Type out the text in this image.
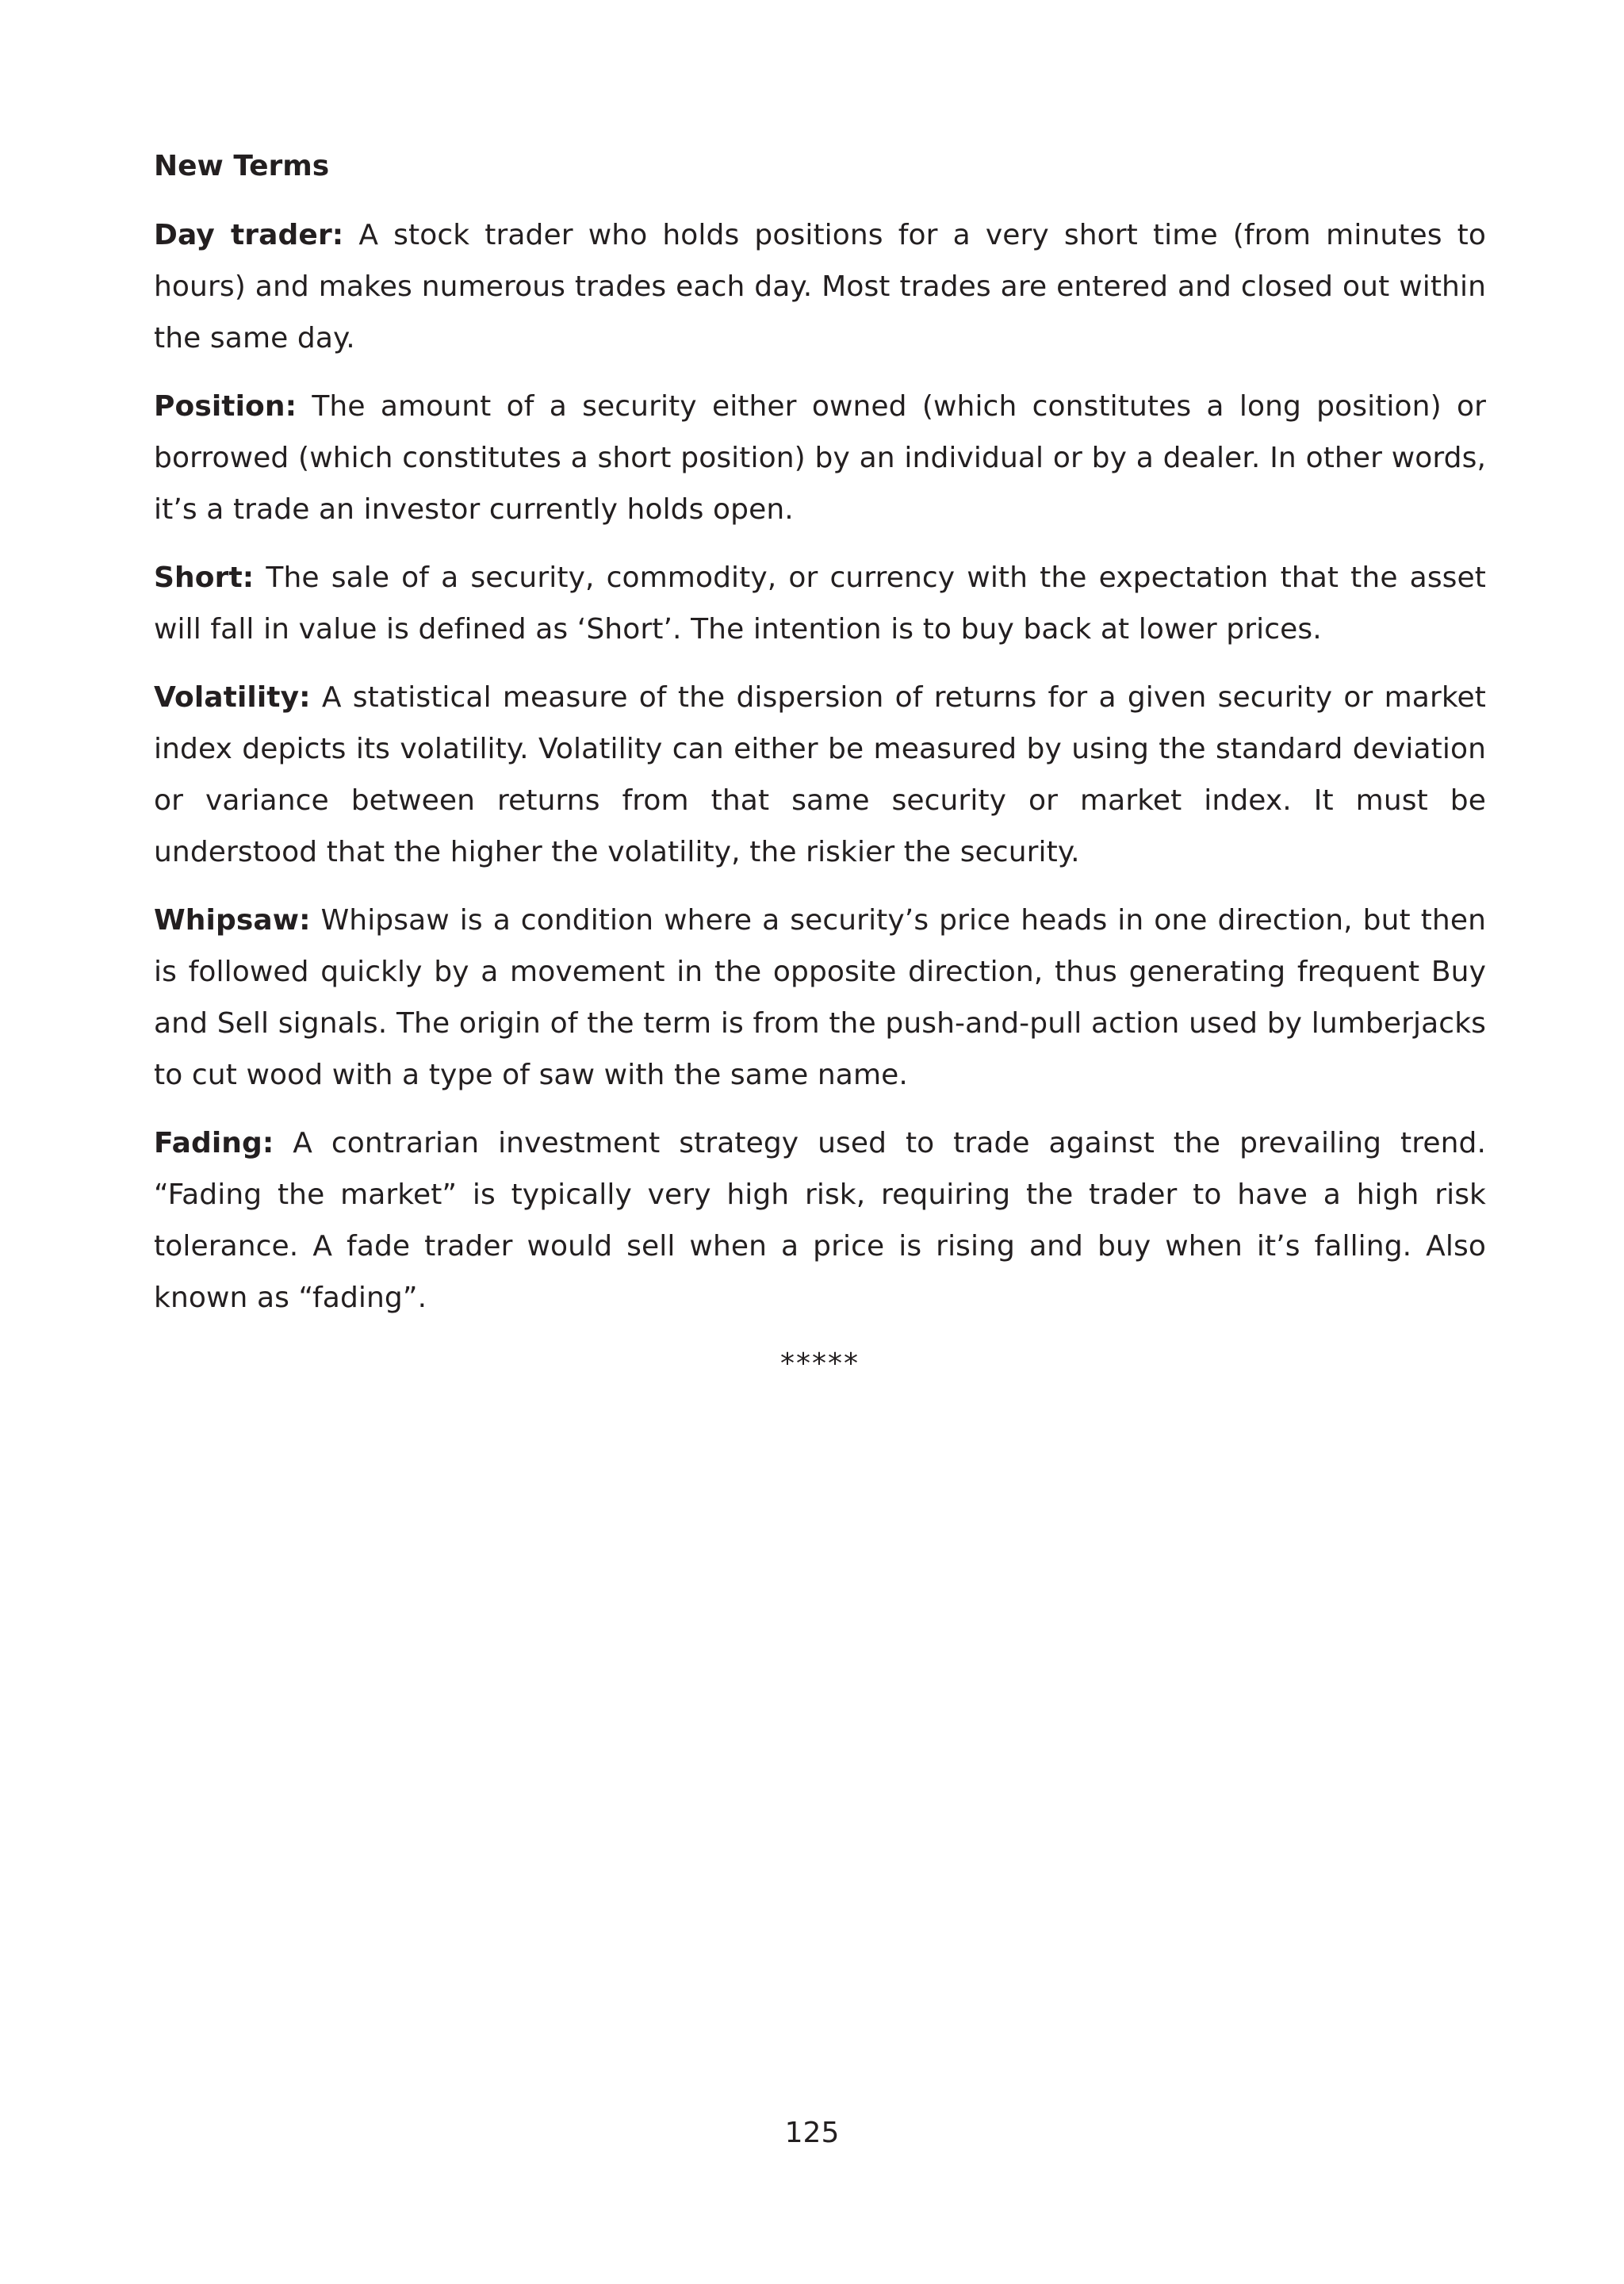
New Terms

Day trader: A stock trader who holds positions for a very short time (from minutes to hours) and makes numerous trades each day. Most trades are entered and closed out within the same day.

Position: The amount of a security either owned (which constitutes a long position) or borrowed (which constitutes a short position) by an individual or by a dealer. In other words, it’s a trade an investor currently holds open.

Short: The sale of a security, commodity, or currency with the expectation that the asset will fall in value is defined as ‘Short’. The intention is to buy back at lower prices.

Volatility: A statistical measure of the dispersion of returns for a given security or market index depicts its volatility. Volatility can either be measured by using the standard deviation or variance between returns from that same security or market index. It must be understood that the higher the volatility, the riskier the security.

Whipsaw: Whipsaw is a condition where a security’s price heads in one direction, but then is followed quickly by a movement in the opposite direction, thus generating frequent Buy and Sell signals. The origin of the term is from the push-and-pull action used by lumberjacks to cut wood with a type of saw with the same name.

Fading: A contrarian investment strategy used to trade against the prevailing trend. “Fading the market” is typically very high risk, requiring the trader to have a high risk tolerance. A fade trader would sell when a price is rising and buy when it’s falling. Also known as “fading”.

*****
125
